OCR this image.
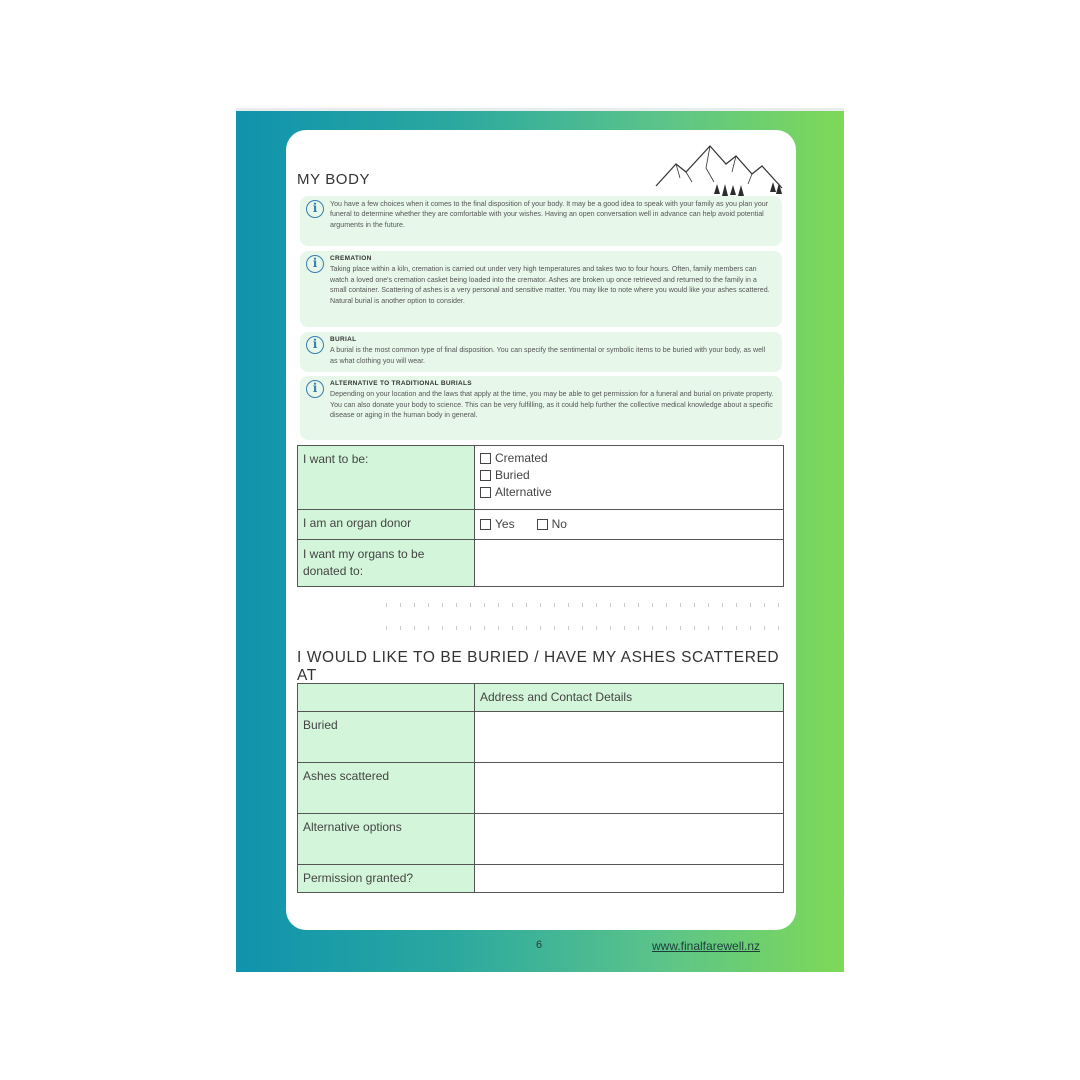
MY BODY
i	You have a few choices when it comes to the final disposition of your body. It may be a good idea to speak with your family as you plan your funeral to determine whether they are comfortable with your wishes. Having an open conversation well in advance can help avoid potential arguments in the future.
i	CREMATION
Taking place within a kiln, cremation is carried out under very high temperatures and takes two to four hours. Often, family members can watch a loved one's cremation casket being loaded into the cremator. Ashes are broken up once retrieved and returned to the family in a small container. Scattering of ashes is a very personal and sensitive matter. You may like to note where you would like your ashes scattered. Natural burial is another option to consider.
i	BURIAL
A burial is the most common type of final disposition. You can specify the sentimental or symbolic items to be buried with your body, as well as what clothing you will wear.
i	ALTERNATIVE TO TRADITIONAL BURIALS
Depending on your location and the laws that apply at the time, you may be able to get permission for a funeral and burial on private property. You can also donate your body to science. This can be very fulfilling, as it could help further the collective medical knowledge about a specific disease or aging in the human body in general.
I want to be:	Cremated
Buried
Alternative

I am an organ donor	Yes No

I want my organs to be donated to:	
I WOULD LIKE TO BE BURIED / HAVE MY ASHES SCATTERED AT
	Address and Contact Details
Buried	
Ashes scattered	
Alternative options	
Permission granted?	
6	www.finalfarewell.nz
